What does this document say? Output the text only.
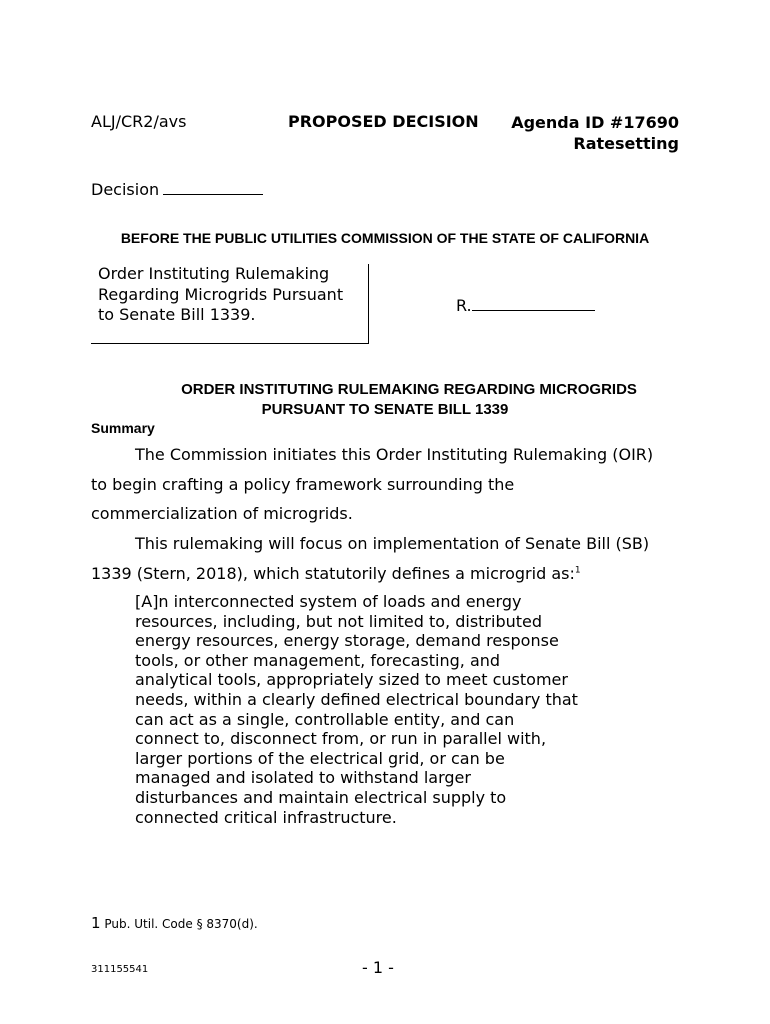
ALJ/CR2/avs	PROPOSED DECISION Agenda ID #17690
Ratesetting
Decision
BEFORE THE PUBLIC UTILITIES COMMISSION OF THE STATE OF CALIFORNIA
Order Instituting Rulemaking
Regarding Microgrids Pursuant
to Senate Bill 1339.	R.
ORDER INSTITUTING RULEMAKING REGARDING MICROGRIDS
PURSUANT TO SENATE BILL 1339
Summary
The Commission initiates this Order Instituting Rulemaking (OIR)
to begin crafting a policy framework surrounding the
commercialization of microgrids.
This rulemaking will focus on implementation of Senate Bill (SB)
1339 (Stern, 2018), which statutorily defines a microgrid as:$^1$
[A]n interconnected system of loads and energy
resources, including, but not limited to, distributed
energy resources, energy storage, demand response
tools, or other management, forecasting, and
analytical tools, appropriately sized to meet customer
needs, within a clearly defined electrical boundary that
can act as a single, controllable entity, and can
connect to, disconnect from, or run in parallel with,
larger portions of the electrical grid, or can be
managed and isolated to withstand larger
disturbances and maintain electrical supply to
connected critical infrastructure.
1 Pub. Util. Code § 8370(d).
311155541	- 1 -
